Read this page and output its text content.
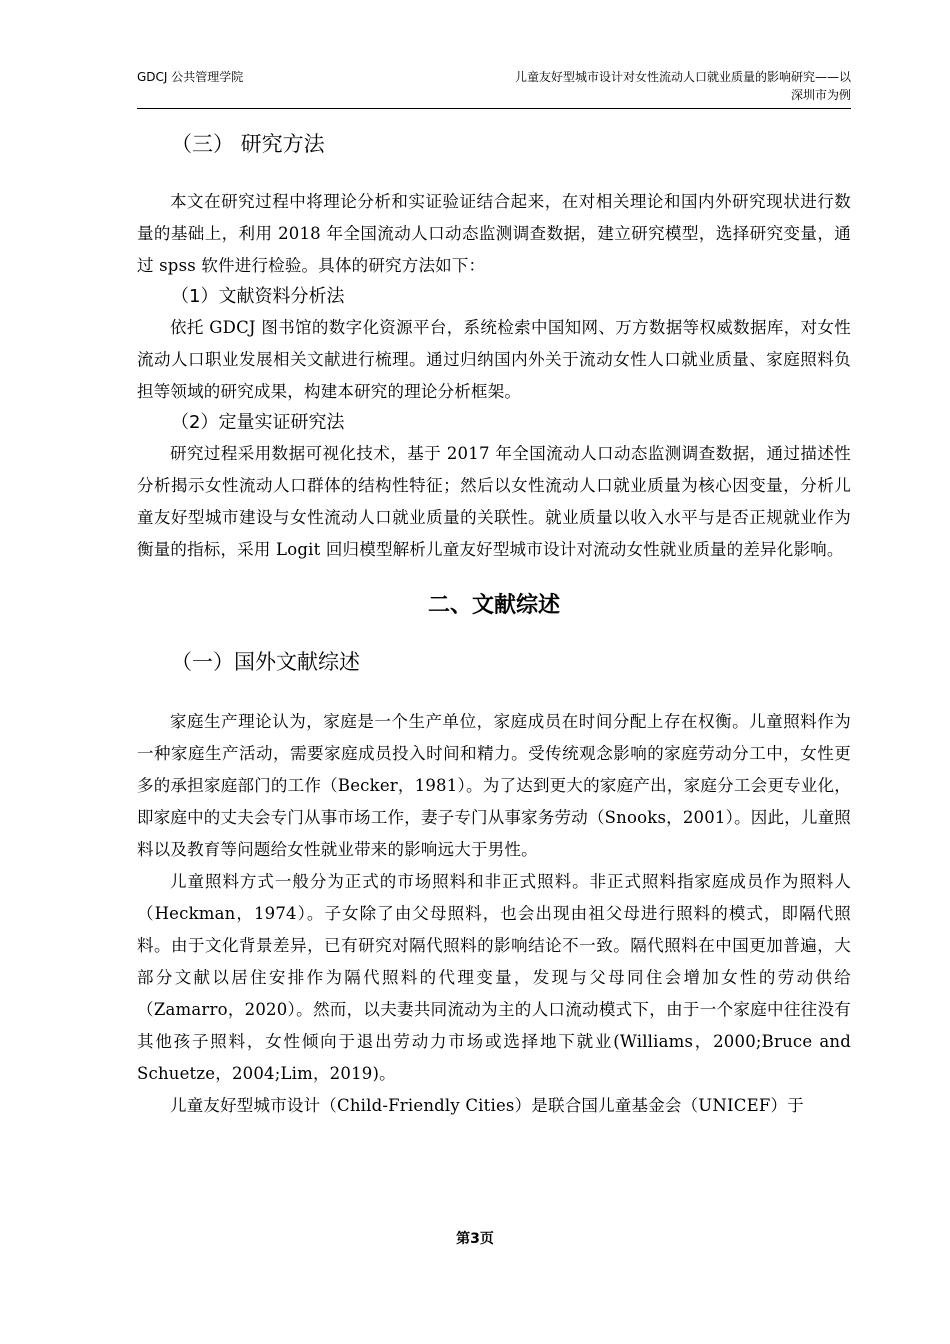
GDCJ 公共管理学院	儿童友好型城市设计对女性流动人口就业质量的影响研究——以
深圳市为例
（三） 研究方法

本文在研究过程中将理论分析和实证验证结合起来，在对相关理论和国内外研究现状进行数量的基础上，利用 2018 年全国流动人口动态监测调查数据，建立研究模型，选择研究变量，通过 spss 软件进行检验。具体的研究方法如下：

（1）文献资料分析法

依托 GDCJ 图书馆的数字化资源平台，系统检索中国知网、万方数据等权威数据库，对女性流动人口职业发展相关文献进行梳理。通过归纳国内外关于流动女性人口就业质量、家庭照料负担等领域的研究成果，构建本研究的理论分析框架。

（2）定量实证研究法

研究过程采用数据可视化技术，基于 2017 年全国流动人口动态监测调查数据，通过描述性分析揭示女性流动人口群体的结构性特征；然后以女性流动人口就业质量为核心因变量，分析儿童友好型城市建设与女性流动人口就业质量的关联性。就业质量以收入水平与是否正规就业作为衡量的指标，采用 Logit 回归模型解析儿童友好型城市设计对流动女性就业质量的差异化影响。

二、文献综述
（一）国外文献综述

家庭生产理论认为，家庭是一个生产单位，家庭成员在时间分配上存在权衡。儿童照料作为一种家庭生产活动，需要家庭成员投入时间和精力。受传统观念影响的家庭劳动分工中，女性更多的承担家庭部门的工作（Becker，1981）。为了达到更大的家庭产出，家庭分工会更专业化，即家庭中的丈夫会专门从事市场工作，妻子专门从事家务劳动（Snooks，2001）。因此，儿童照料以及教育等问题给女性就业带来的影响远大于男性。

儿童照料方式一般分为正式的市场照料和非正式照料。非正式照料指家庭成员作为照料人（Heckman，1974）。子女除了由父母照料，也会出现由祖父母进行照料的模式，即隔代照料。由于文化背景差异，已有研究对隔代照料的影响结论不一致。隔代照料在中国更加普遍，大部分文献以居住安排作为隔代照料的代理变量，发现与父母同住会增加女性的劳动供给（Zamarro，2020）。然而，以夫妻共同流动为主的人口流动模式下，由于一个家庭中往往没有其他孩子照料，女性倾向于退出劳动力市场或选择地下就业(Williams，2000;Bruce and Schuetze，2004;Lim，2019)。

儿童友好型城市设计（Child-Friendly Cities）是联合国儿童基金会（UNICEF）于

第3页
